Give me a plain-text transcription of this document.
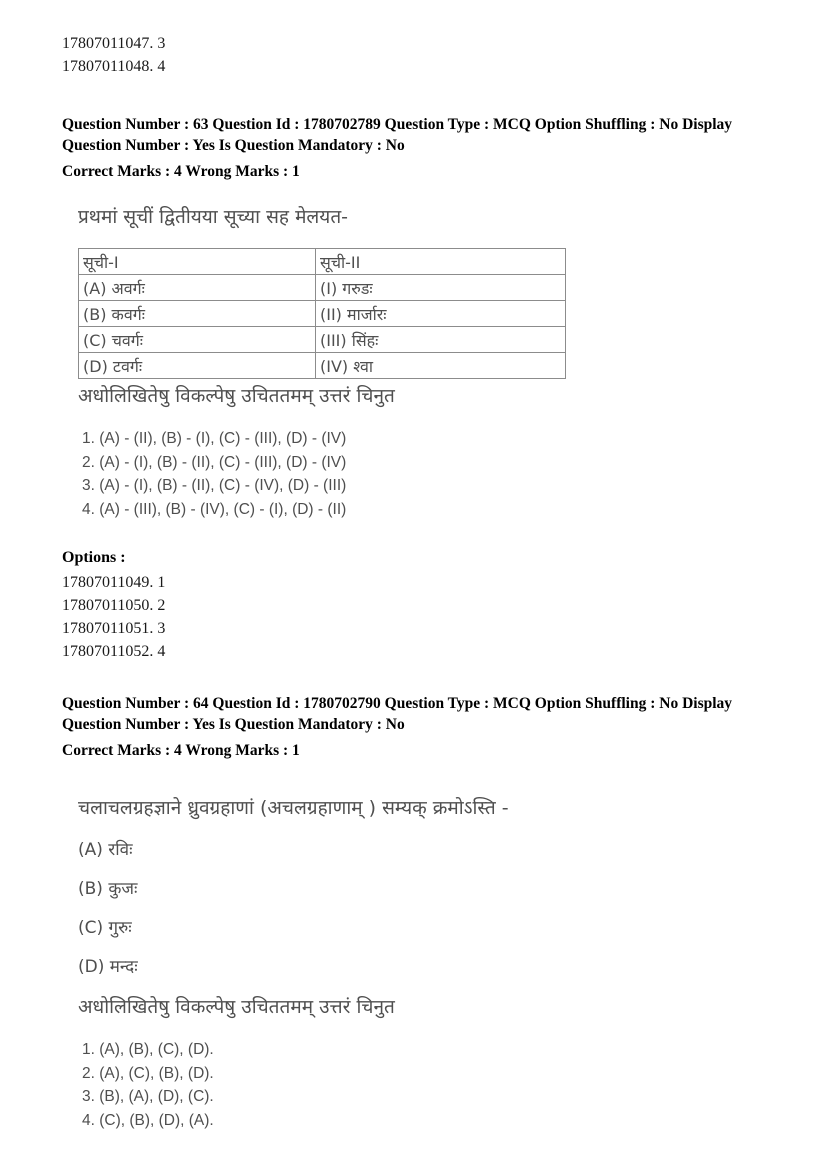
17807011047. 3

17807011048. 4

Question Number : 63 Question Id : 1780702789 Question Type : MCQ Option Shuffling : No Display Question Number : Yes Is Question Mandatory : No

Correct Marks : 4 Wrong Marks : 1

प्रथमां सूचीं द्वितीयया सूच्या सह मेलयत-

सूची-I	सूची-II
(A) अवर्गः	(I) गरुडः
(B) कवर्गः	(II) मार्जारः
(C) चवर्गः	(III) सिंहः
(D) टवर्गः	(IV) श्वा

अधोलिखितेषु विकल्पेषु उचिततमम् उत्तरं चिनुत

1. (A) - (II), (B) - (I), (C) - (III), (D) - (IV)

2. (A) - (I), (B) - (II), (C) - (III), (D) - (IV)

3. (A) - (I), (B) - (II), (C) - (IV), (D) - (III)

4. (A) - (III), (B) - (IV), (C) - (I), (D) - (II)

Options :

17807011049. 1

17807011050. 2

17807011051. 3

17807011052. 4

Question Number : 64 Question Id : 1780702790 Question Type : MCQ Option Shuffling : No Display Question Number : Yes Is Question Mandatory : No

Correct Marks : 4 Wrong Marks : 1

चलाचलग्रहज्ञाने ध्रुवग्रहाणां (अचलग्रहाणाम् ) सम्यक् क्रमोऽस्ति -

(A) रविः

(B) कुजः

(C) गुरुः

(D) मन्दः

अधोलिखितेषु विकल्पेषु उचिततमम् उत्तरं चिनुत

1. (A), (B), (C), (D).

2. (A), (C), (B), (D).

3. (B), (A), (D), (C).

4. (C), (B), (D), (A).
